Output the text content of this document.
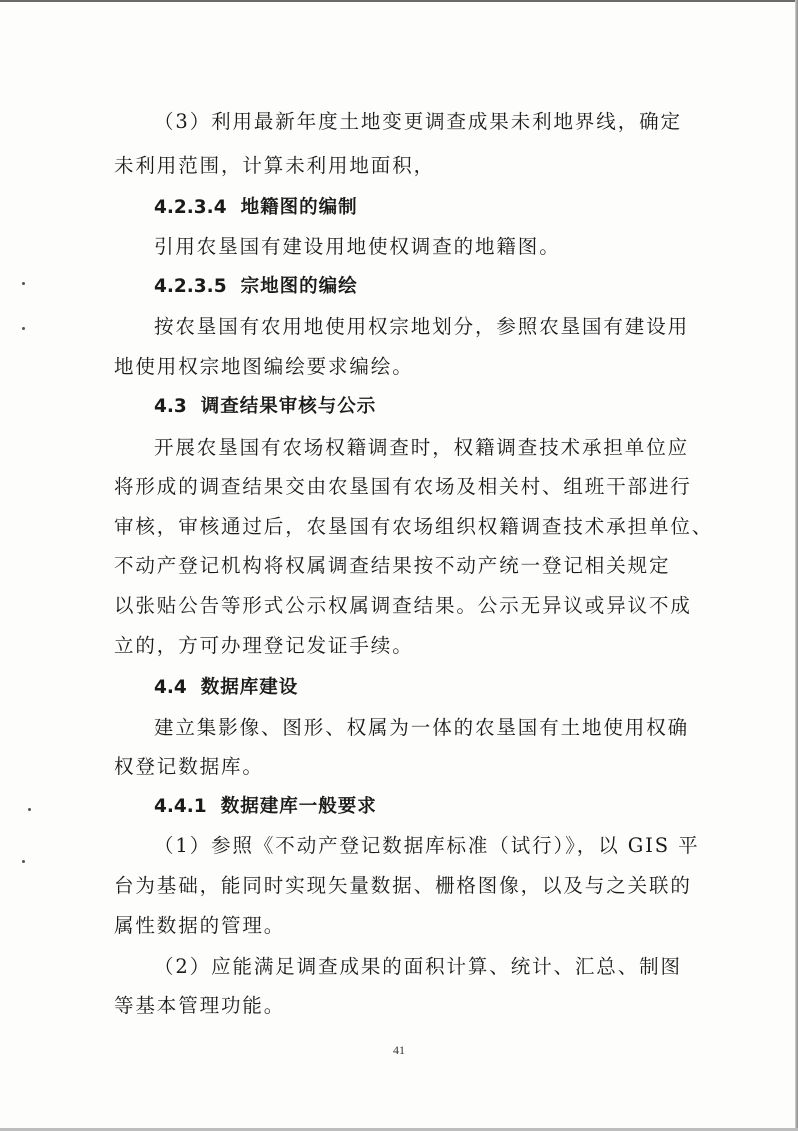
（3）利用最新年度土地变更调查成果未利地界线，确定
未利用范围，计算未利用地面积，
4.2.3.4 地籍图的编制
引用农垦国有建设用地使权调查的地籍图。
4.2.3.5 宗地图的编绘
按农垦国有农用地使用权宗地划分，参照农垦国有建设用
地使用权宗地图编绘要求编绘。
4.3 调查结果审核与公示
开展农垦国有农场权籍调查时，权籍调查技术承担单位应
将形成的调查结果交由农垦国有农场及相关村、组班干部进行
审核，审核通过后，农垦国有农场组织权籍调查技术承担单位、
不动产登记机构将权属调查结果按不动产统一登记相关规定
以张贴公告等形式公示权属调查结果。公示无异议或异议不成
立的，方可办理登记发证手续。
4.4 数据库建设
建立集影像、图形、权属为一体的农垦国有土地使用权确
权登记数据库。
4.4.1 数据建库一般要求
（1）参照《不动产登记数据库标准（试行）》，以 GIS 平
台为基础，能同时实现矢量数据、栅格图像，以及与之关联的
属性数据的管理。
（2）应能满足调查成果的面积计算、统计、汇总、制图
等基本管理功能。
41
